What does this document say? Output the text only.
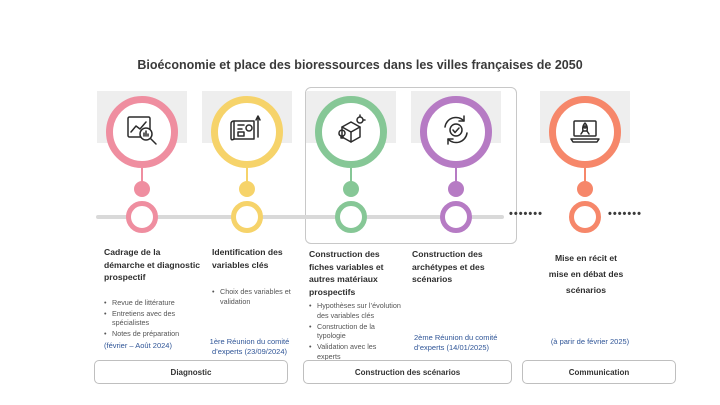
Bioéconomie et place des bioressources dans les villes françaises de 2050
•••••••	•••••••
Cadrage de la démarche et diagnostic prospectif
• Revue de littérature
• Entretiens avec des spécialistes
• Notes de préparation
(février – Août 2024)
Identification des variables clés
• Choix des variables et validation
1ère Réunion du comité d’experts (23/09/2024)
Construction des fiches variables et autres matériaux prospectifs
• Hypothèses sur l’évolution des variables clés
• Construction de la typologie
• Validation avec les experts
Construction des archétypes et des scénarios
2ème Réunion du comité d’experts (14/01/2025)
Mise en récit et mise en débat des scénarios
(à parir de février 2025)
Diagnostic	Construction des scénarios	Communication
